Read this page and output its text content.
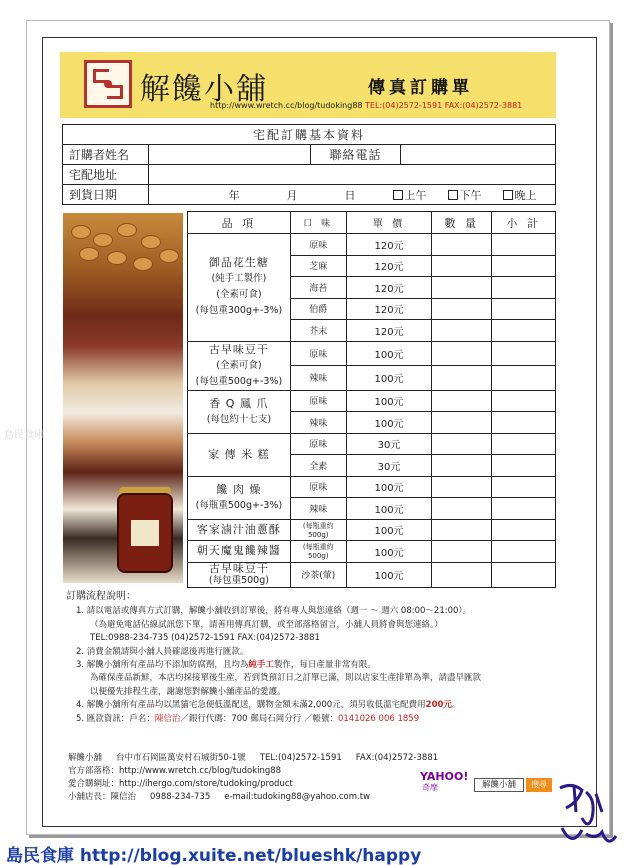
解饞小舖	傳真訂購單
http://www.wretch.cc/blog/tudoking88 TEL:(04)2572-1591 FAX:(04)2572-3881
宅配訂購基本資料			
訂購者姓名		聯絡電話	
宅配地址			
到貨日期	年 月 日 上午 下午 晚上		
品 項	口 味	單 價	數 量	小 計

御品花生糖
(純手工製作)
(全素可食)
(每包重300g+-3%)	原味	120元		
	芝麻	120元		
	海苔	120元		
	伯爵	120元		
	芥末	120元		

古早味豆干
(全素可食)
(每包重500g+-3%)	原味	100元		
	辣味	100元		

香 Q 鳳 爪
(每包約十七支)	原味	100元		
	辣味	100元		

家 傳 米 糕	原味	30元		
	全素	30元		

饞 肉 燥
(每瓶重500g+-3%)	原味	100元		
	辣味	100元		
客家滷汁油蔥酥	(每瓶重約500g)	100元		
朝天魔鬼饞辣醬	(每瓶重約500g)	100元		

古早味豆干
(每包重500g)	沙茶(葷)	100元		
訂購流程說明：
1. 請以電話或傳真方式訂購，解饞小舖收到訂單後，將有專人與您連絡（週一 ～ 週六 08:00～21:00）。
（為避免電話佔線試訊您下單，請善用傳真訂購，或至部落格留言，小舖人員將會與您連絡。）
TEL:0988-234-735 (04)2572-1591 FAX:(04)2572-3881
2. 消費金額請與小舖人員確認後再進行匯款。
3. 解饞小舖所有產品均不添加防腐劑，且均為純手工製作，每日產量非常有限。
為確保產品新鮮，本店均採接單後生產，若到貨預訂日之訂單已滿，則以店家生產排單為準，請盡早匯款
以便優先排程生產，謝謝您對解饞小舖產品的愛護。
4. 解饞小舖所有產品均以黑貓宅急便低溫配送，購物金額未滿2,000元，須另收低溫宅配費用200元。
5. 匯款資訊：戶名：陳信治／銀行代碼：700 郵局石岡分行 ／帳號：0141026 006 1859
解饞小舖 台中市石岡區萬安村石城街50-1號 TEL:(04)2572-1591 FAX:(04)2572-3881
官方部落格：http://www.wretch.cc/blog/tudoking88
愛合購網址：http://ihergo.com/store/tudoking/product
小舖店長：陳信治 0988-234-735 e-mail:tudoking88@yahoo.com.tw
YAHOO!
奇摩	解饞小舖	搜尋
島民食庫
島民食庫 http://blog.xuite.net/blueshk/happy
